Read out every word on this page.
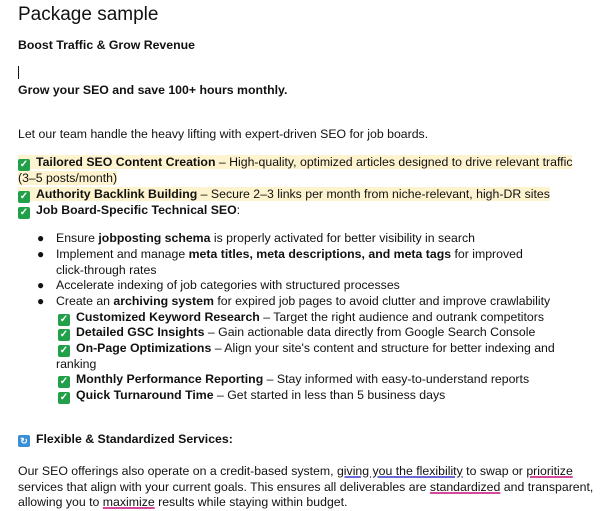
Package sample
Boost Traffic & Grow Revenue
Grow your SEO and save 100+ hours monthly.
Let our team handle the heavy lifting with expert-driven SEO for job boards.
✓ Tailored SEO Content Creation – High-quality, optimized articles designed to drive relevant traffic
(3–5 posts/month)
✓ Authority Backlink Building – Secure 2–3 links per month from niche-relevant, high-DR sites
✓ Job Board-Specific Technical SEO:
● Ensure jobposting schema is properly activated for better visibility in search
● Implement and manage meta titles, meta descriptions, and meta tags for improved
click-through rates
● Accelerate indexing of job categories with structured processes
● Create an archiving system for expired job pages to avoid clutter and improve crawlability
✓ Customized Keyword Research – Target the right audience and outrank competitors
✓ Detailed GSC Insights – Gain actionable data directly from Google Search Console
✓ On-Page Optimizations – Align your site's content and structure for better indexing and
ranking
✓ Monthly Performance Reporting – Stay informed with easy-to-understand reports
✓ Quick Turnaround Time – Get started in less than 5 business days
↻ Flexible & Standardized Services:
Our SEO offerings also operate on a credit-based system, giving you the flexibility to swap or prioritize
services that align with your current goals. This ensures all deliverables are standardized and transparent,
allowing you to maximize results while staying within budget.
